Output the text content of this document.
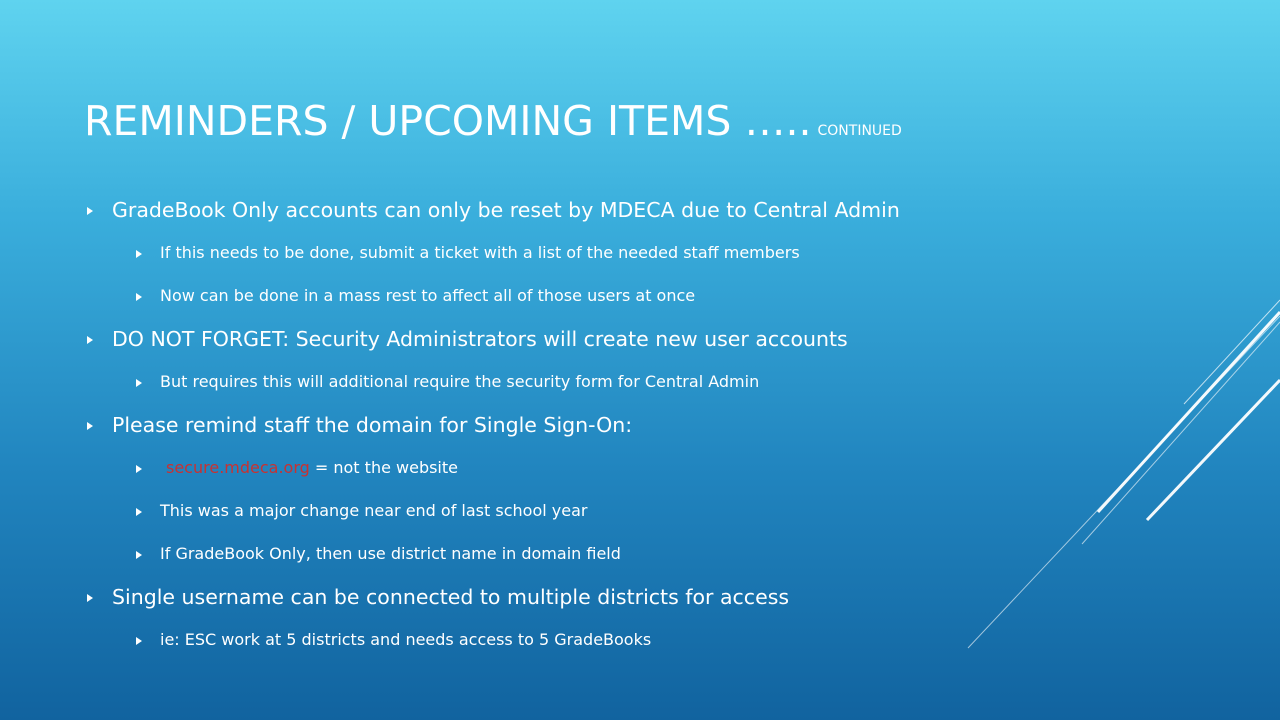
REMINDERS / UPCOMING ITEMS ….. CONTINUED
GradeBook Only accounts can only be reset by MDECA due to Central Admin
If this needs to be done, submit a ticket with a list of the needed staff members
Now can be done in a mass rest to affect all of those users at once
DO NOT FORGET: Security Administrators will create new user accounts
But requires this will additional require the security form for Central Admin
Please remind staff the domain for Single Sign-On:
secure.mdeca.org = not the website
This was a major change near end of last school year
If GradeBook Only, then use district name in domain field
Single username can be connected to multiple districts for access
ie: ESC work at 5 districts and needs access to 5 GradeBooks
